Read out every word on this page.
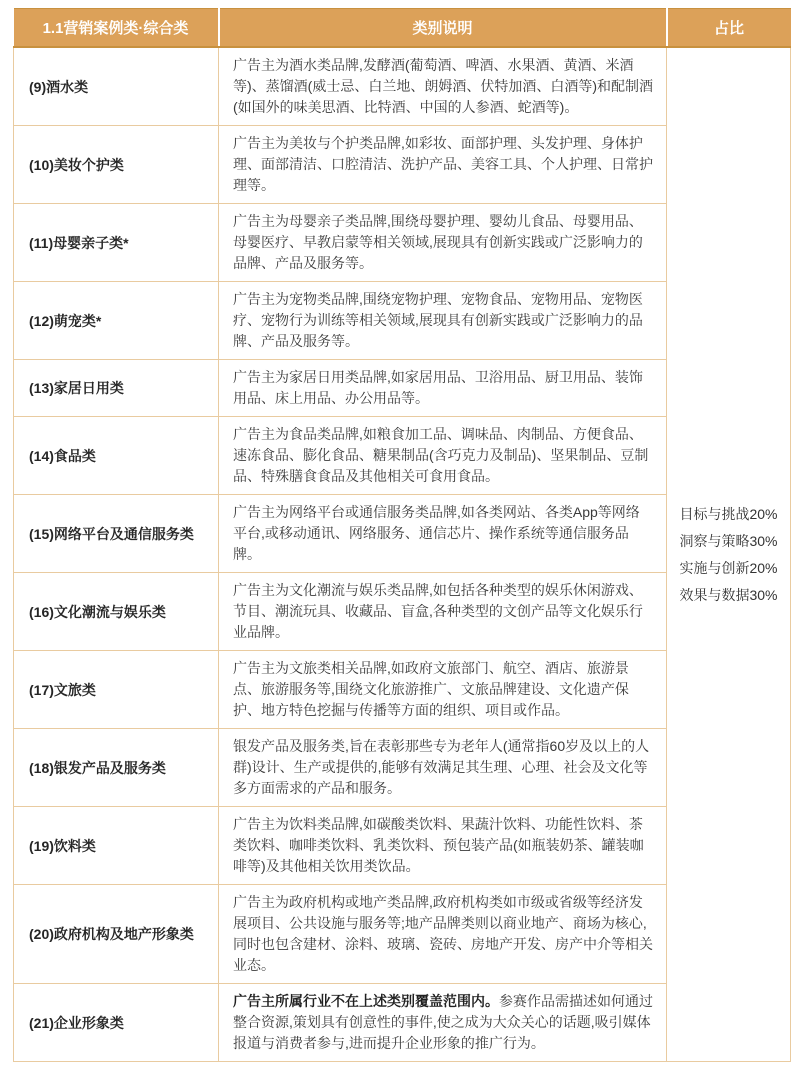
1.1营销案例类·综合类	类别说明	占比
(9)酒水类	广告主为酒水类品牌,发酵酒(葡萄酒、啤酒、水果酒、黄酒、米酒等)、蒸馏酒(威士忌、白兰地、朗姆酒、伏特加酒、白酒等)和配制酒(如国外的味美思酒、比特酒、中国的人参酒、蛇酒等)。	目标与挑战20%
洞察与策略30%
实施与创新20%
效果与数据30%

(10)美妆个护类	广告主为美妆与个护类品牌,如彩妆、面部护理、头发护理、身体护理、面部清洁、口腔清洁、洗护产品、美容工具、个人护理、日常护理等。	
(11)母婴亲子类*	广告主为母婴亲子类品牌,围绕母婴护理、婴幼儿食品、母婴用品、母婴医疗、早教启蒙等相关领域,展现具有创新实践或广泛影响力的品牌、产品及服务等。	
(12)萌宠类*	广告主为宠物类品牌,围绕宠物护理、宠物食品、宠物用品、宠物医疗、宠物行为训练等相关领域,展现具有创新实践或广泛影响力的品牌、产品及服务等。	
(13)家居日用类	广告主为家居日用类品牌,如家居用品、卫浴用品、厨卫用品、装饰用品、床上用品、办公用品等。	
(14)食品类	广告主为食品类品牌,如粮食加工品、调味品、肉制品、方便食品、速冻食品、膨化食品、糖果制品(含巧克力及制品)、坚果制品、豆制品、特殊膳食食品及其他相关可食用食品。	
(15)网络平台及通信服务类	广告主为网络平台或通信服务类品牌,如各类网站、各类App等网络平台,或移动通讯、网络服务、通信芯片、操作系统等通信服务品牌。	
(16)文化潮流与娱乐类	广告主为文化潮流与娱乐类品牌,如包括各种类型的娱乐休闲游戏、节目、潮流玩具、收藏品、盲盒,各种类型的文创产品等文化娱乐行业品牌。	
(17)文旅类	广告主为文旅类相关品牌,如政府文旅部门、航空、酒店、旅游景点、旅游服务等,围绕文化旅游推广、文旅品牌建设、文化遗产保护、地方特色挖掘与传播等方面的组织、项目或作品。	
(18)银发产品及服务类	银发产品及服务类,旨在表彰那些专为老年人(通常指60岁及以上的人群)设计、生产或提供的,能够有效满足其生理、心理、社会及文化等多方面需求的产品和服务。	
(19)饮料类	广告主为饮料类品牌,如碳酸类饮料、果蔬汁饮料、功能性饮料、茶类饮料、咖啡类饮料、乳类饮料、预包装产品(如瓶装奶茶、罐装咖啡等)及其他相关饮用类饮品。	
(20)政府机构及地产形象类	广告主为政府机构或地产类品牌,政府机构类如市级或省级等经济发展项目、公共设施与服务等;地产品牌类则以商业地产、商场为核心,同时也包含建材、涂料、玻璃、瓷砖、房地产开发、房产中介等相关业态。	
(21)企业形象类	广告主所属行业不在上述类别覆盖范围内。参赛作品需描述如何通过整合资源,策划具有创意性的事件,使之成为大众关心的话题,吸引媒体报道与消费者参与,进而提升企业形象的推广行为。	
